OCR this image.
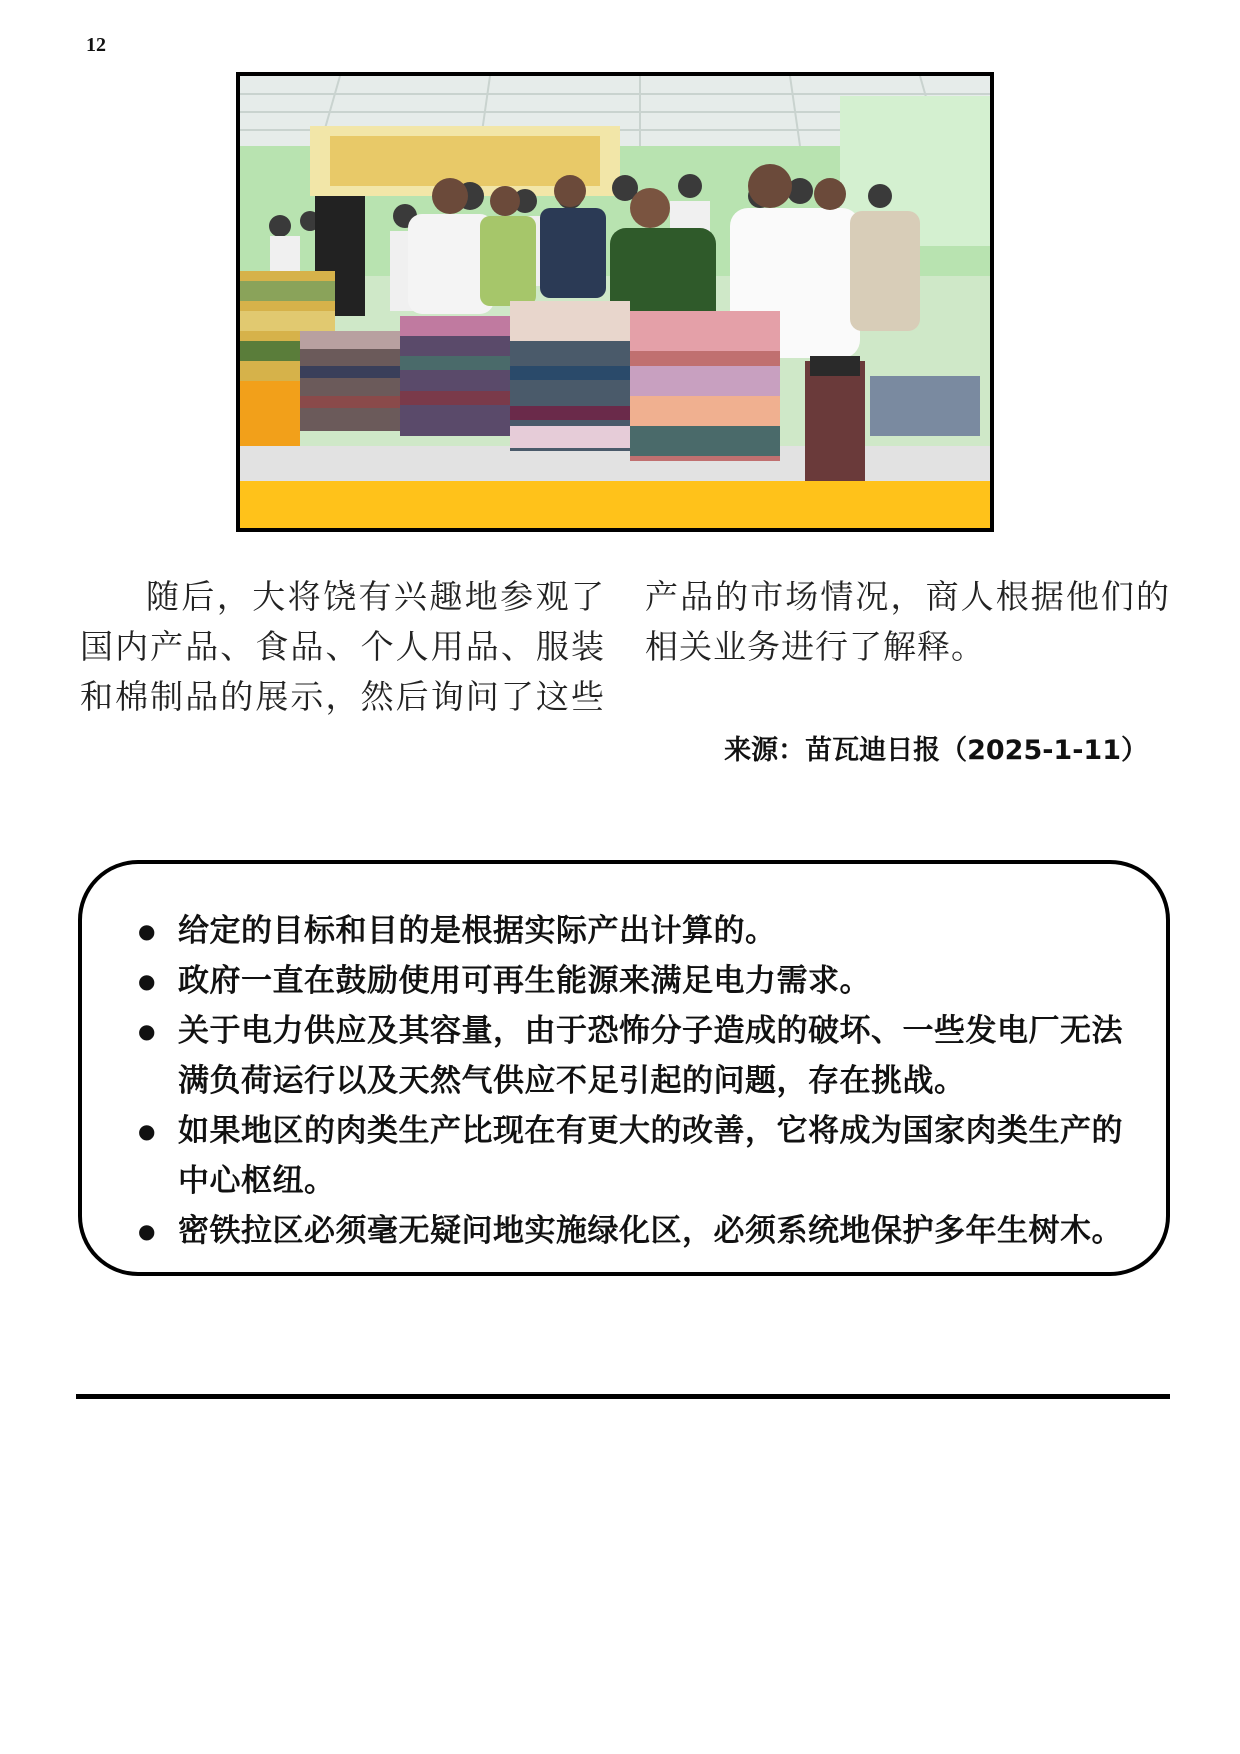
12

随后，大将饶有兴趣地参观了国内产品、食品、个人用品、服装和棉制品的展示，然后询问了这些产品的市场情况，商人根据他们的相关业务进行了解释。

来源：苗瓦迪日报（2025-1-11）
● 给定的目标和目的是根据实际产出计算的。
● 政府一直在鼓励使用可再生能源来满足电力需求。
● 关于电力供应及其容量，由于恐怖分子造成的破坏、一些发电厂无法满负荷运行以及天然气供应不足引起的问题，存在挑战。
● 如果地区的肉类生产比现在有更大的改善，它将成为国家肉类生产的中心枢纽。
● 密铁拉区必须毫无疑问地实施绿化区，必须系统地保护多年生树木。
